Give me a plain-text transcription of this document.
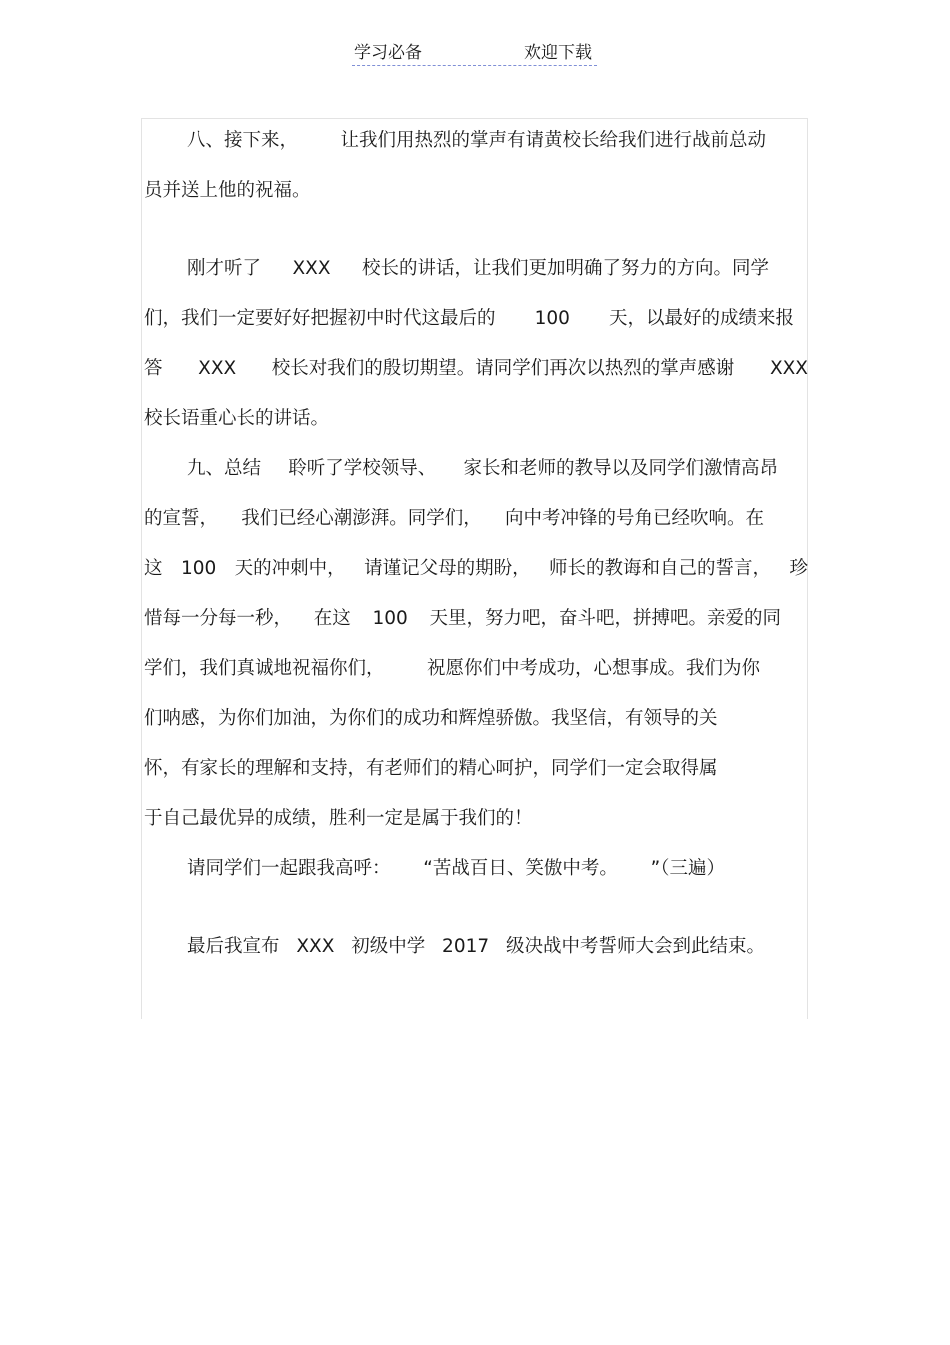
学习必备	欢迎下载
八、接下来， 让我们用热烈的掌声有请黄校长给我们进行战前总动
员并送上他的祝福。
刚才听了 XXX 校长的讲话，让我们更加明确了努力的方向。同学
们，我们一定要好好把握初中时代这最后的 100 天，以最好的成绩来报
答 XXX 校长对我们的殷切期望。请同学们再次以热烈的掌声感谢 XXX
校长语重心长的讲话。
九、总结 聆听了学校领导、 家长和老师的教导以及同学们激情高昂
的宣誓， 我们已经心潮澎湃。同学们， 向中考冲锋的号角已经吹响。在
这 100 天的冲刺中， 请谨记父母的期盼， 师长的教诲和自己的誓言， 珍
惜每一分每一秒， 在这 100 天里，努力吧，奋斗吧，拼搏吧。亲爱的同
学们，我们真诚地祝福你们， 祝愿你们中考成功，心想事成。我们为你
们呐感，为你们加油，为你们的成功和辉煌骄傲。我坚信，有领导的关
怀，有家长的理解和支持，有老师们的精心呵护，同学们一定会取得属
于自己最优异的成绩，胜利一定是属于我们的！
请同学们一起跟我高呼： “苦战百日、笑傲中考。 ”（三遍）
最后我宣布 XXX 初级中学 2017 级决战中考誓师大会到此结束。
